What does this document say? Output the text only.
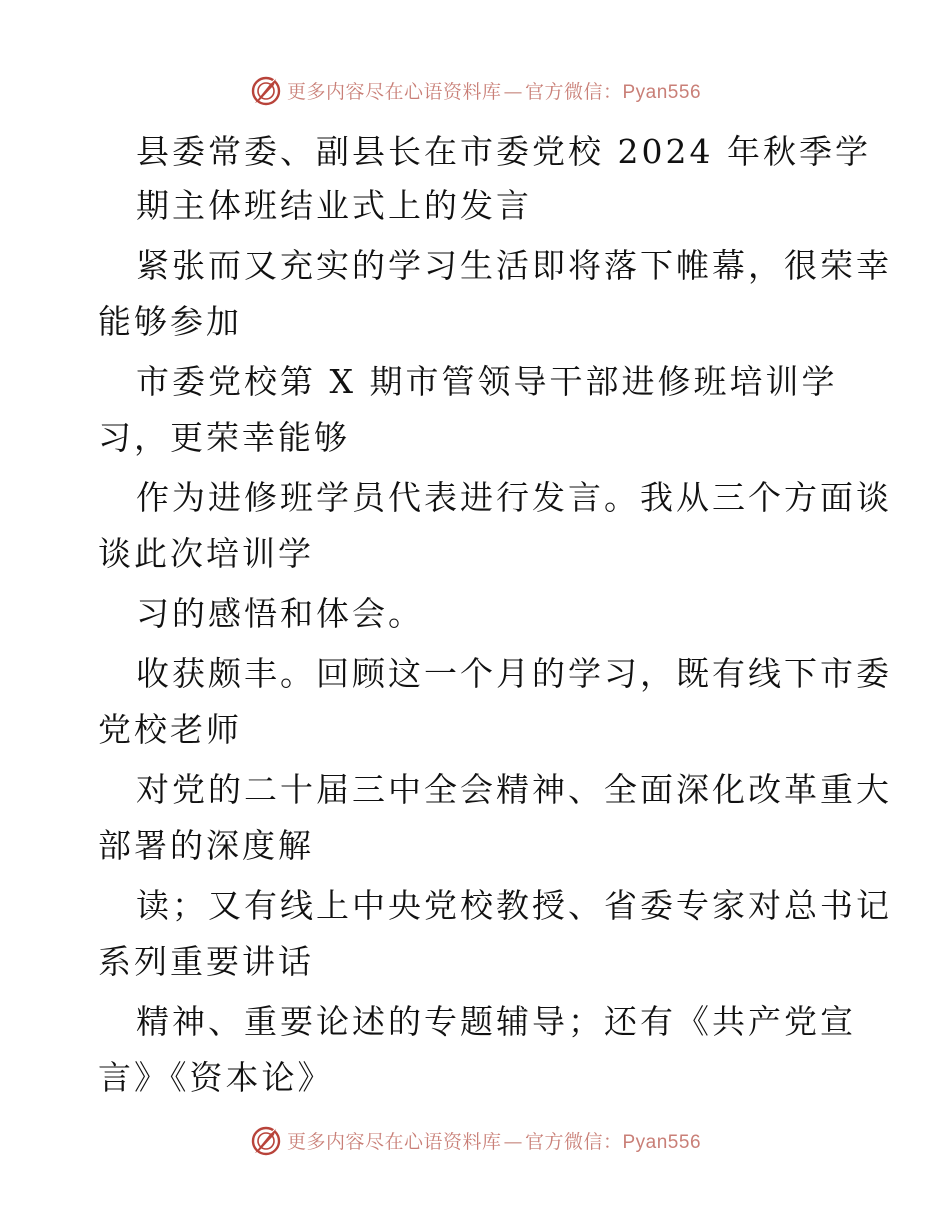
更多内容尽在心语资料库 — 官方微信：Pyan556
县委常委、副县长在市委党校 2024 年秋季学
期主体班结业式上的发言
紧张而又充实的学习生活即将落下帷幕，很荣幸
能够参加
市委党校第 X 期市管领导干部进修班培训学
习，更荣幸能够
作为进修班学员代表进行发言。我从三个方面谈
谈此次培训学
习的感悟和体会。
收获颇丰。回顾这一个月的学习，既有线下市委
党校老师
对党的二十届三中全会精神、全面深化改革重大
部署的深度解
读；又有线上中央党校教授、省委专家对总书记
系列重要讲话
精神、重要论述的专题辅导；还有《共产党宣
言》《资本论》
更多内容尽在心语资料库 — 官方微信：Pyan556
